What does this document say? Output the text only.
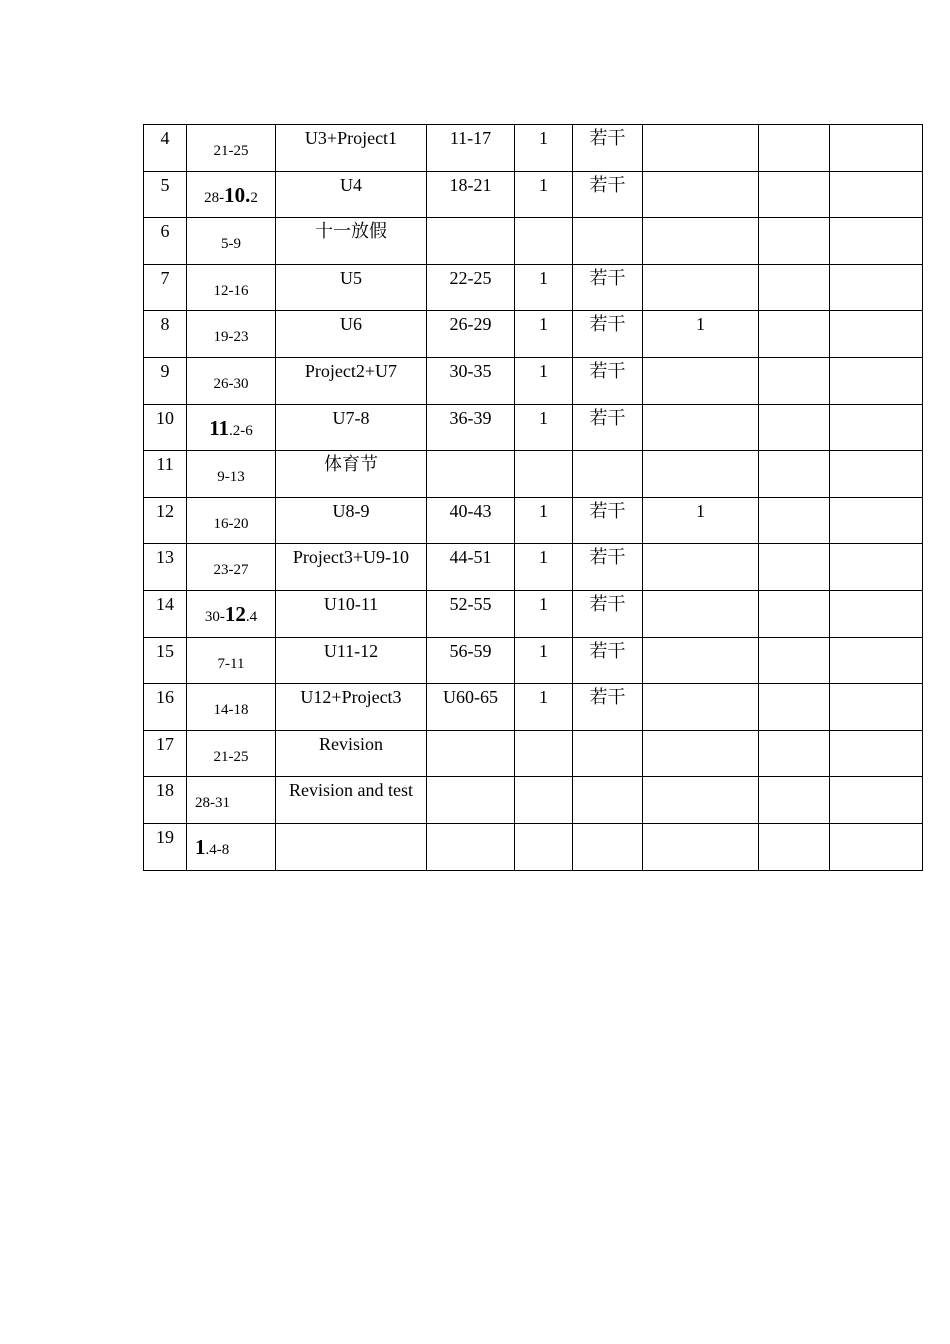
4	21-25	U3+Project1	11-17	1	若干			

5	28-10.2	U4	18-21	1	若干			

6	5-9	十一放假						

7	12-16	U5	22-25	1	若干			

8	19-23	U6	26-29	1	若干	1		

9	26-30	Project2+U7	30-35	1	若干			

10	11.2-6	U7-8	36-39	1	若干			

11	9-13	体育节						

12	16-20	U8-9	40-43	1	若干	1		

13	23-27	Project3+U9-10	44-51	1	若干			

14	30-12.4	U10-11	52-55	1	若干			

15	7-11	U11-12	56-59	1	若干			

16	14-18	U12+Project3	U60-65	1	若干			

17	21-25	Revision						

18	28-31	Revision and test						

19	1.4-8							
